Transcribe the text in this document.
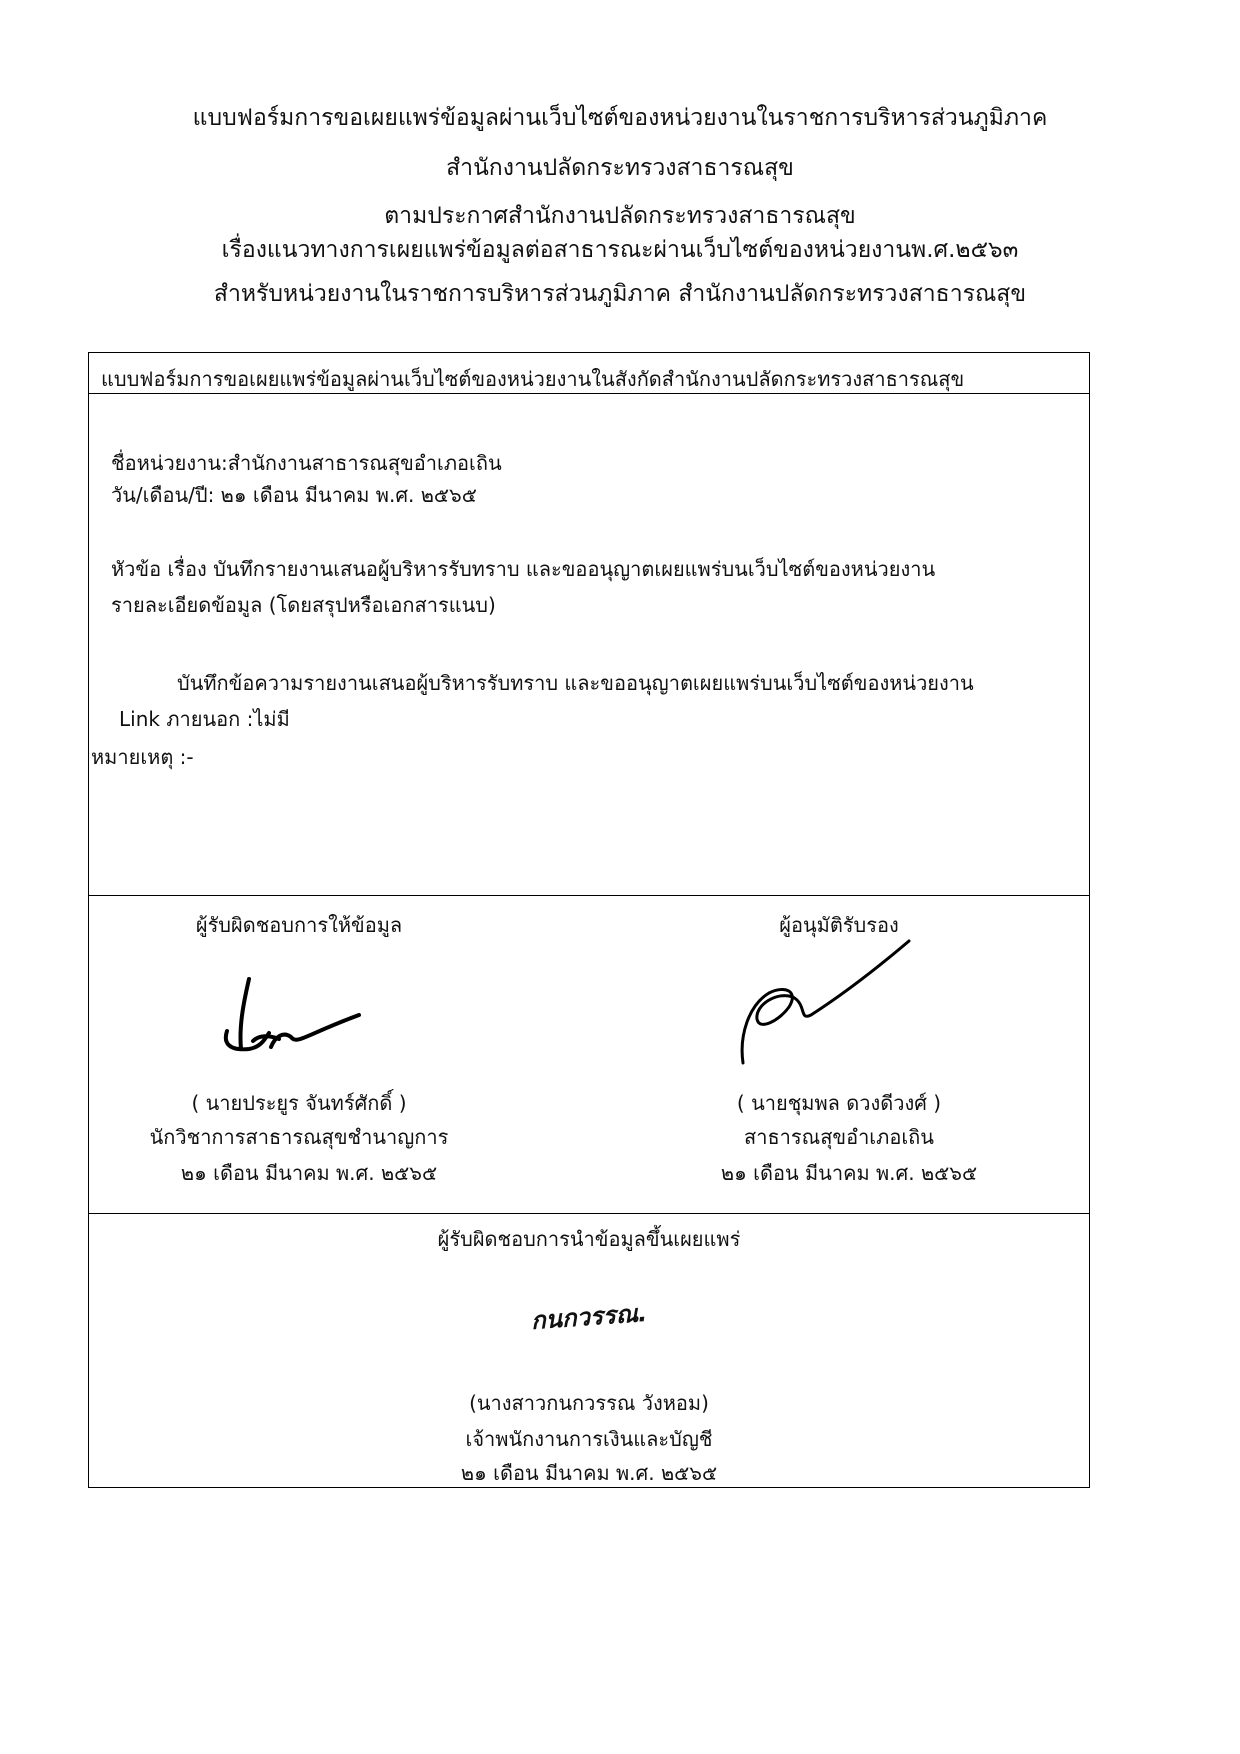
แบบฟอร์มการขอเผยแพร่ข้อมูลผ่านเว็บไซต์ของหน่วยงานในราชการบริหารส่วนภูมิภาค
สำนักงานปลัดกระทรวงสาธารณสุข
ตามประกาศสำนักงานปลัดกระทรวงสาธารณสุข
เรื่องแนวทางการเผยแพร่ข้อมูลต่อสาธารณะผ่านเว็บไซต์ของหน่วยงานพ.ศ.๒๕๖๓
สำหรับหน่วยงานในราชการบริหารส่วนภูมิภาค สำนักงานปลัดกระทรวงสาธารณสุข
แบบฟอร์มการขอเผยแพร่ข้อมูลผ่านเว็บไซต์ของหน่วยงานในสังกัดสำนักงานปลัดกระทรวงสาธารณสุข
ชื่อหน่วยงาน:สำนักงานสาธารณสุขอำเภอเถิน
วัน/เดือน/ปี: ๒๑ เดือน มีนาคม พ.ศ. ๒๕๖๕
หัวข้อ เรื่อง บันทึกรายงานเสนอผู้บริหารรับทราบ และขออนุญาตเผยแพร่บนเว็บไซต์ของหน่วยงาน
รายละเอียดข้อมูล (โดยสรุปหรือเอกสารแนบ)
บันทึกข้อความรายงานเสนอผู้บริหารรับทราบ และขออนุญาตเผยแพร่บนเว็บไซต์ของหน่วยงาน
Link ภายนอก :ไม่มี
หมายเหตุ :-
ผู้รับผิดชอบการให้ข้อมูล
( นายประยูร จันทร์ศักดิ์ )
นักวิชาการสาธารณสุขชำนาญการ
๒๑ เดือน มีนาคม พ.ศ. ๒๕๖๕
ผู้อนุมัติรับรอง
( นายชุมพล ดวงดีวงศ์ )
สาธารณสุขอำเภอเถิน
๒๑ เดือน มีนาคม พ.ศ. ๒๕๖๕
ผู้รับผิดชอบการนำข้อมูลขึ้นเผยแพร่
กนกวรรณ.
(นางสาวกนกวรรณ วังหอม)
เจ้าพนักงานการเงินและบัญชี
๒๑ เดือน มีนาคม พ.ศ. ๒๕๖๕
